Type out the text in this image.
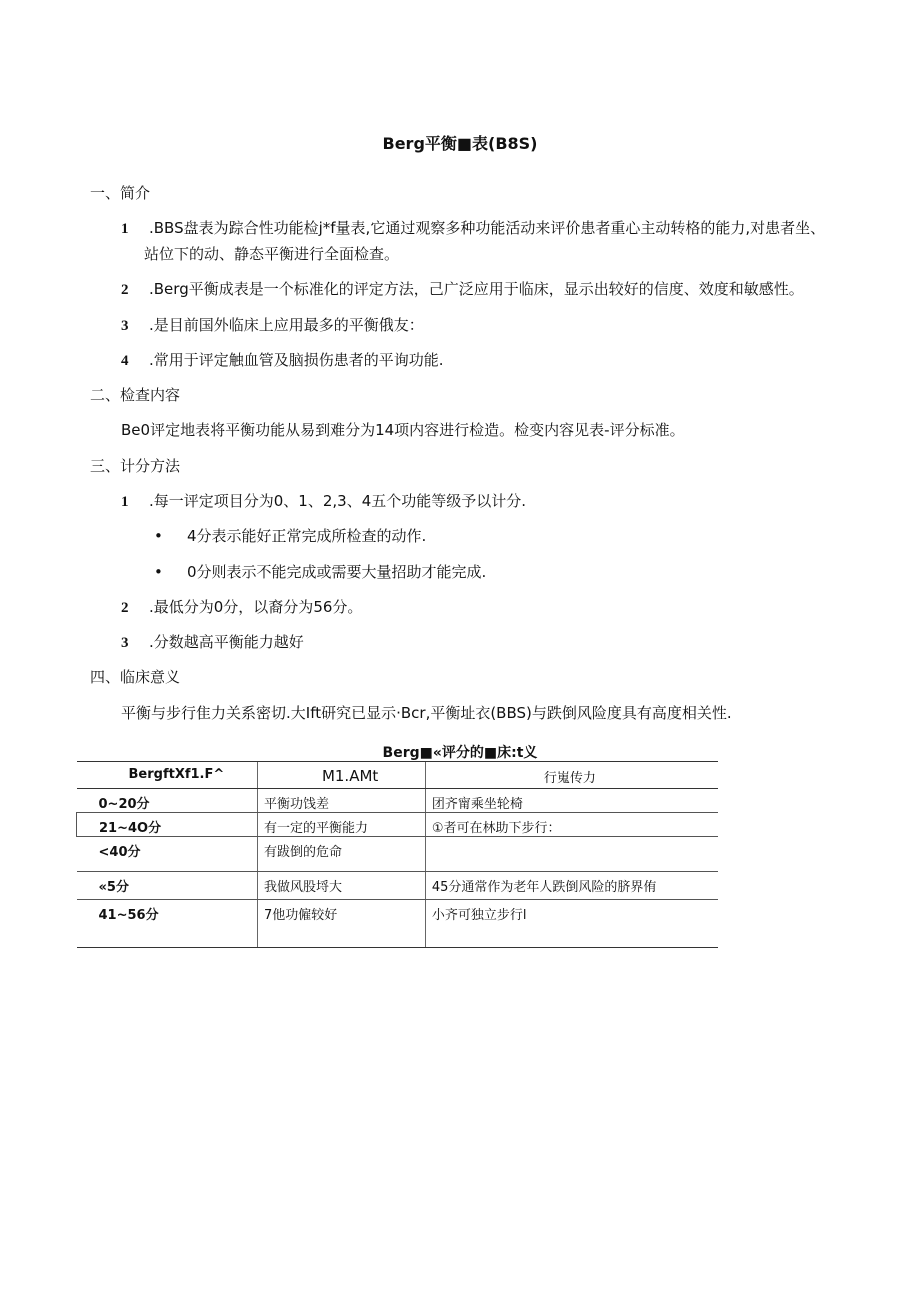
Berg平衡■表(B8S)
一、简介
1 .BBS盘表为踪合性功能检j*f量表,它通过观察多种功能活动来评价患者重心主动转格的能力,对患者坐、
站位下的动、静态平衡进行全面检查。
2 .Berg平衡成表是一个标准化的评定方法，己广泛应用于临床，显示出较好的信度、效度和敏感性。
3 .是目前国外临床上应用最多的平衡俄友：
4 .常用于评定触血管及脑损伤患者的平询功能.
二、检查内容
Be0评定地表将平衡功能从易到难分为14项内容进行检造。检变内容见表-评分标准。
三、计分方法
1 .每一评定项目分为0、1、2,3、4五个功能等级予以计分.
• 4分表示能好正常完成所检查的动作.
• 0分则表示不能完成或需要大量招助才能完成.
2 .最低分为0分，以裔分为56分。
3 .分数越高平衡能力越好
四、临床意义
平衡与步行隹力关系密切.大Ift研究已显示·Bcr,平衡址衣(BBS)与跌倒风险度具有高度相关性.
Berg■«评分的■床:t义
BergftXf1.F^	M1.AMt	行嵬传力
0~20分	平衡功饯差	团齐甯乘坐轮椅
21~4O分	有一定的平衡能力	①者可在林助下步行：
<40分	有跋倒的危命	
«5分	我做风股埒大	45分通常作为老年人跌倒风险的脐界侑
41~56分	7他功僱较好	小齐可独立步行l
